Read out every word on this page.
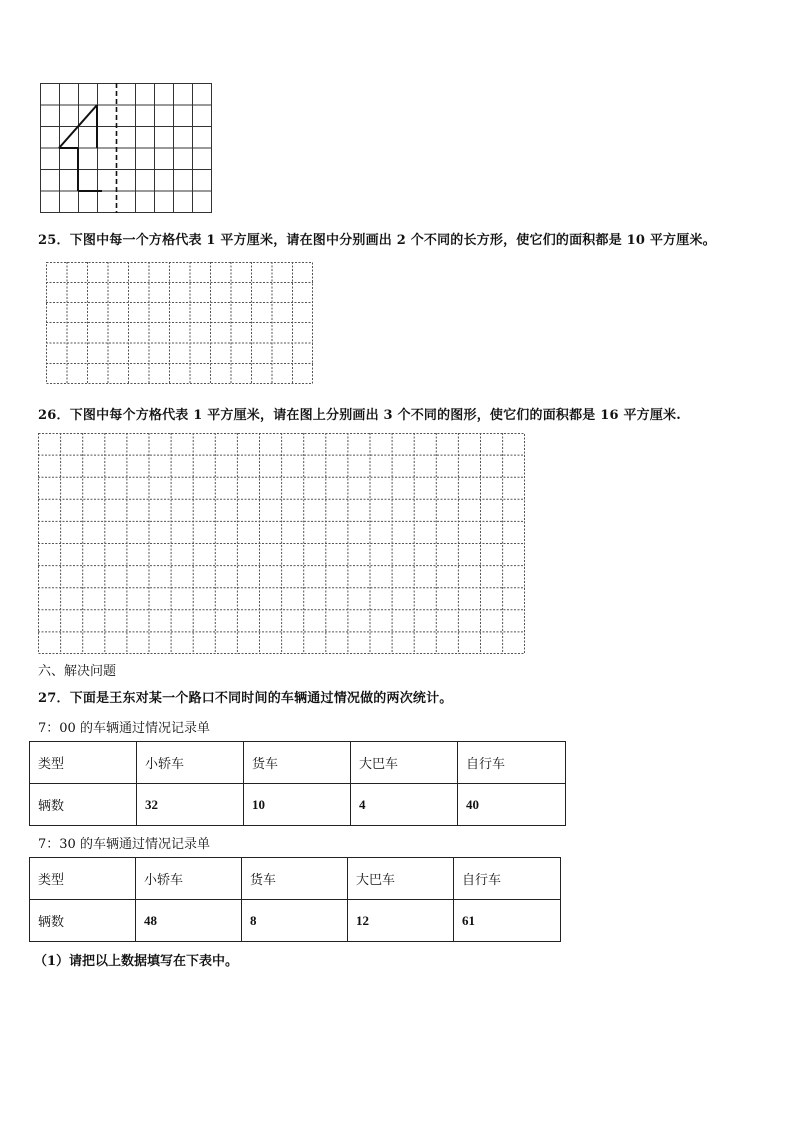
25．下图中每一个方格代表 1 平方厘米，请在图中分别画出 2 个不同的长方形，使它们的面积都是 10 平方厘米。
26．下图中每个方格代表 1 平方厘米，请在图上分别画出 3 个不同的图形，使它们的面积都是 16 平方厘米.
六、解决问题
27．下面是王东对某一个路口不同时间的车辆通过情况做的两次统计。
7：00 的车辆通过情况记录单
类型	小轿车	货车	大巴车	自行车
辆数	32	10	4	40
7：30 的车辆通过情况记录单
类型	小轿车	货车	大巴车	自行车
辆数	48	8	12	61
（1）请把以上数据填写在下表中。
